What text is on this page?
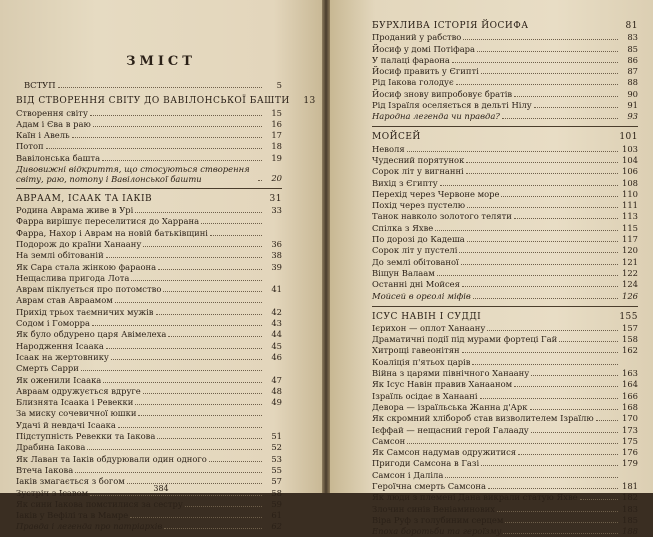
ЗМІСТ
ВСТУП	5
ВІД СТВОРЕННЯ СВІТУ ДО ВАВІЛОНСЬКОЇ БАШТИ	13
Створення світу	15
Адам і Єва в раю	16
Каїн і Авель	17
Потоп	18
Вавілонська башта	19
Дивовижні відкриття, що стосуються створення світу, раю, потопу і Вавілонської башти	20
АВРААМ, ІСААК ТА ІАКІВ	31
Родина Аврама живе в Урі	33
Фарра вирішує переселитися до Харрана
Фарра, Нахор і Аврам на новій батьківщині
Подорож до країни Ханаану	36
На землі обітованій	38
Як Сара стала жінкою фараона	39
Нещаслива пригода Лота
Аврам піклується про потомство	41
Аврам став Авраамом
Прихід трьох таємничих мужів	42
Содом і Гоморра	43
Як було обдурено царя Авімелеха	44
Народження Ісаака	45
Ісаак на жертовнику	46
Смерть Сарри
Як оженили Ісаака	47
Авраам одружується вдруге	48
Близнята Ісаака і Ревекки	49
За миску сочевичної юшки
Удачі й невдачі Ісаака
Підступність Ревекки та Іакова	51
Драбина Іакова	52
Як Лаван та Іаків обдурювали один одного	53
Втеча Іакова	55
Іаків змагається з богом	57
Зустріч з Ісавом	58
Як сини Іакова помстилися за сестру	59
Іаків у Вефілі та в Мамре	61
Правда і легенда про патріархів	62
384
БУРХЛИВА ІСТОРІЯ ЙОСИФА	81
Проданий у рабство	83
Йосиф у домі Потіфара	85
У палаці фараона	86
Йосиф править у Єгипті	87
Рід Іакова голодує	88
Йосиф знову випробовує братів	90
Рід Ізраїля оселяється в дельті Нілу	91
Народна легенда чи правда?	93
МОЙСЕЙ	101
Неволя	103
Чудесний порятунок	104
Сорок літ у вигнанні	106
Вихід з Єгипту	108
Перехід через Червоне море	110
Похід через пустелю	111
Танок навколо золотого теляти	113
Спілка з Яхве	115
По дорозі до Кадеша	117
Сорок літ у пустелі	120
До землі обітованої	121
Віщун Валаам	122
Останні дні Мойсея	124
Мойсей в орєолі міфів	126
ІСУС НАВІН І СУДДІ	155
Ієрихон — оплот Ханаану	157
Драматичні події під мурами фортеці Гай	158
Хитрощі гавеонітян	162
Коаліція п'ятьох царів
Війна з царями північного Ханаану	163
Як Ісус Навін правив Ханааном	164
Ізраїль осідає в Ханаані	166
Девора — ізраїльська Жанна д'Арк	168
Як скромний хлібороб став визволителем Ізраїлю	170
Ієффай — нещасний герой Галааду	173
Самсон	175
Як Самсон надумав одружитися	176
Пригоди Самсона в Газі	179
Самсон і Даліла
Героїчна смерть Самсона	181
Як люди з племені Дана викрали статую Яхве	182
Злочин синів Веніаминових	183
Віра Руф з голубиним серцем	185
Епоха боротьби та героїзму	188
